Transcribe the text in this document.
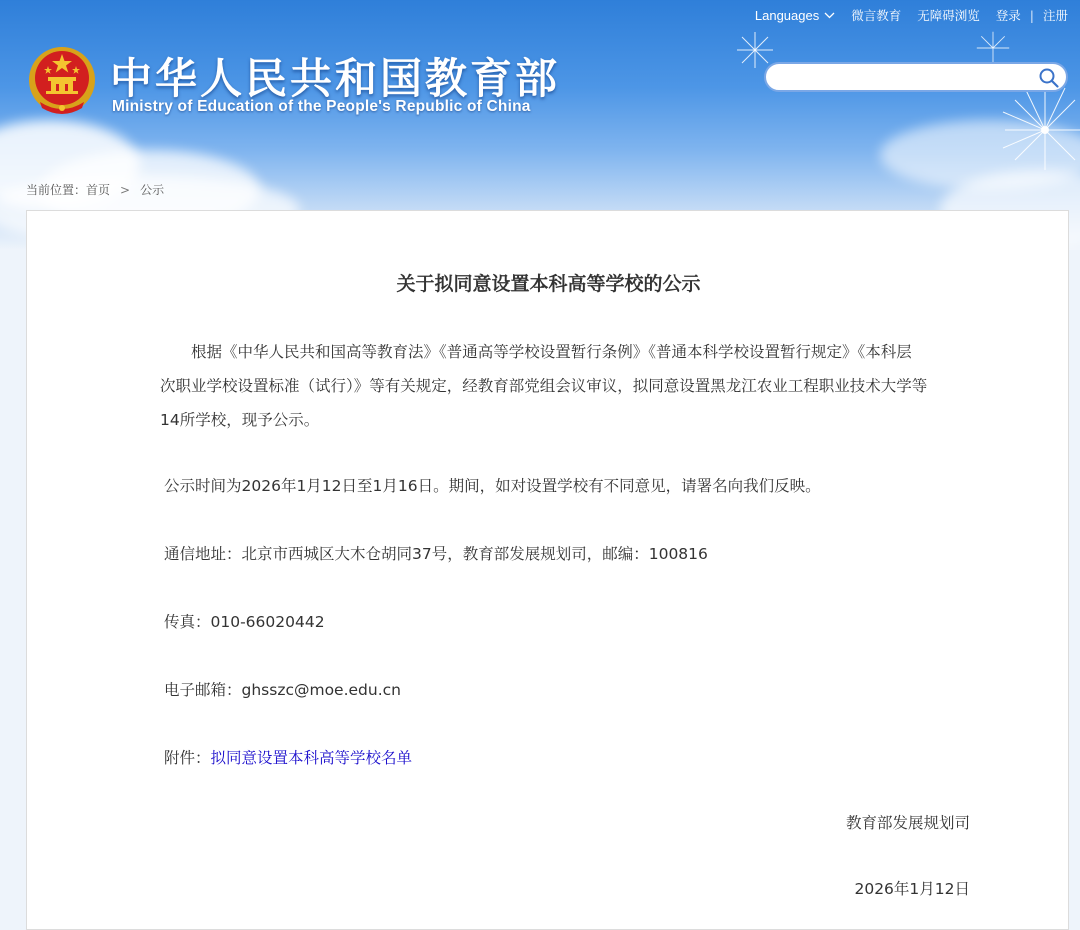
中华人民共和国教育部
Ministry of Education of the People's Republic of China
Languages	微言教育	无障碍浏览	登录 | 注册
当前位置：首页 > 公示
关于拟同意设置本科高等学校的公示

　　根据《中华人民共和国高等教育法》《普通高等学校设置暂行条例》《普通本科学校设置暂行规定》《本科层

次职业学校设置标准（试行）》等有关规定，经教育部党组会议审议，拟同意设置黑龙江农业工程职业技术大学等

14所学校，现予公示。

　　公示时间为2026年1月12日至1月16日。期间，如对设置学校有不同意见，请署名向我们反映。

　　通信地址：北京市西城区大木仓胡同37号，教育部发展规划司，邮编：100816

　　传真：010-66020442

　　电子邮箱：ghsszc@moe.edu.cn

　　附件：拟同意设置本科高等学校名单

教育部发展规划司

2026年1月12日
